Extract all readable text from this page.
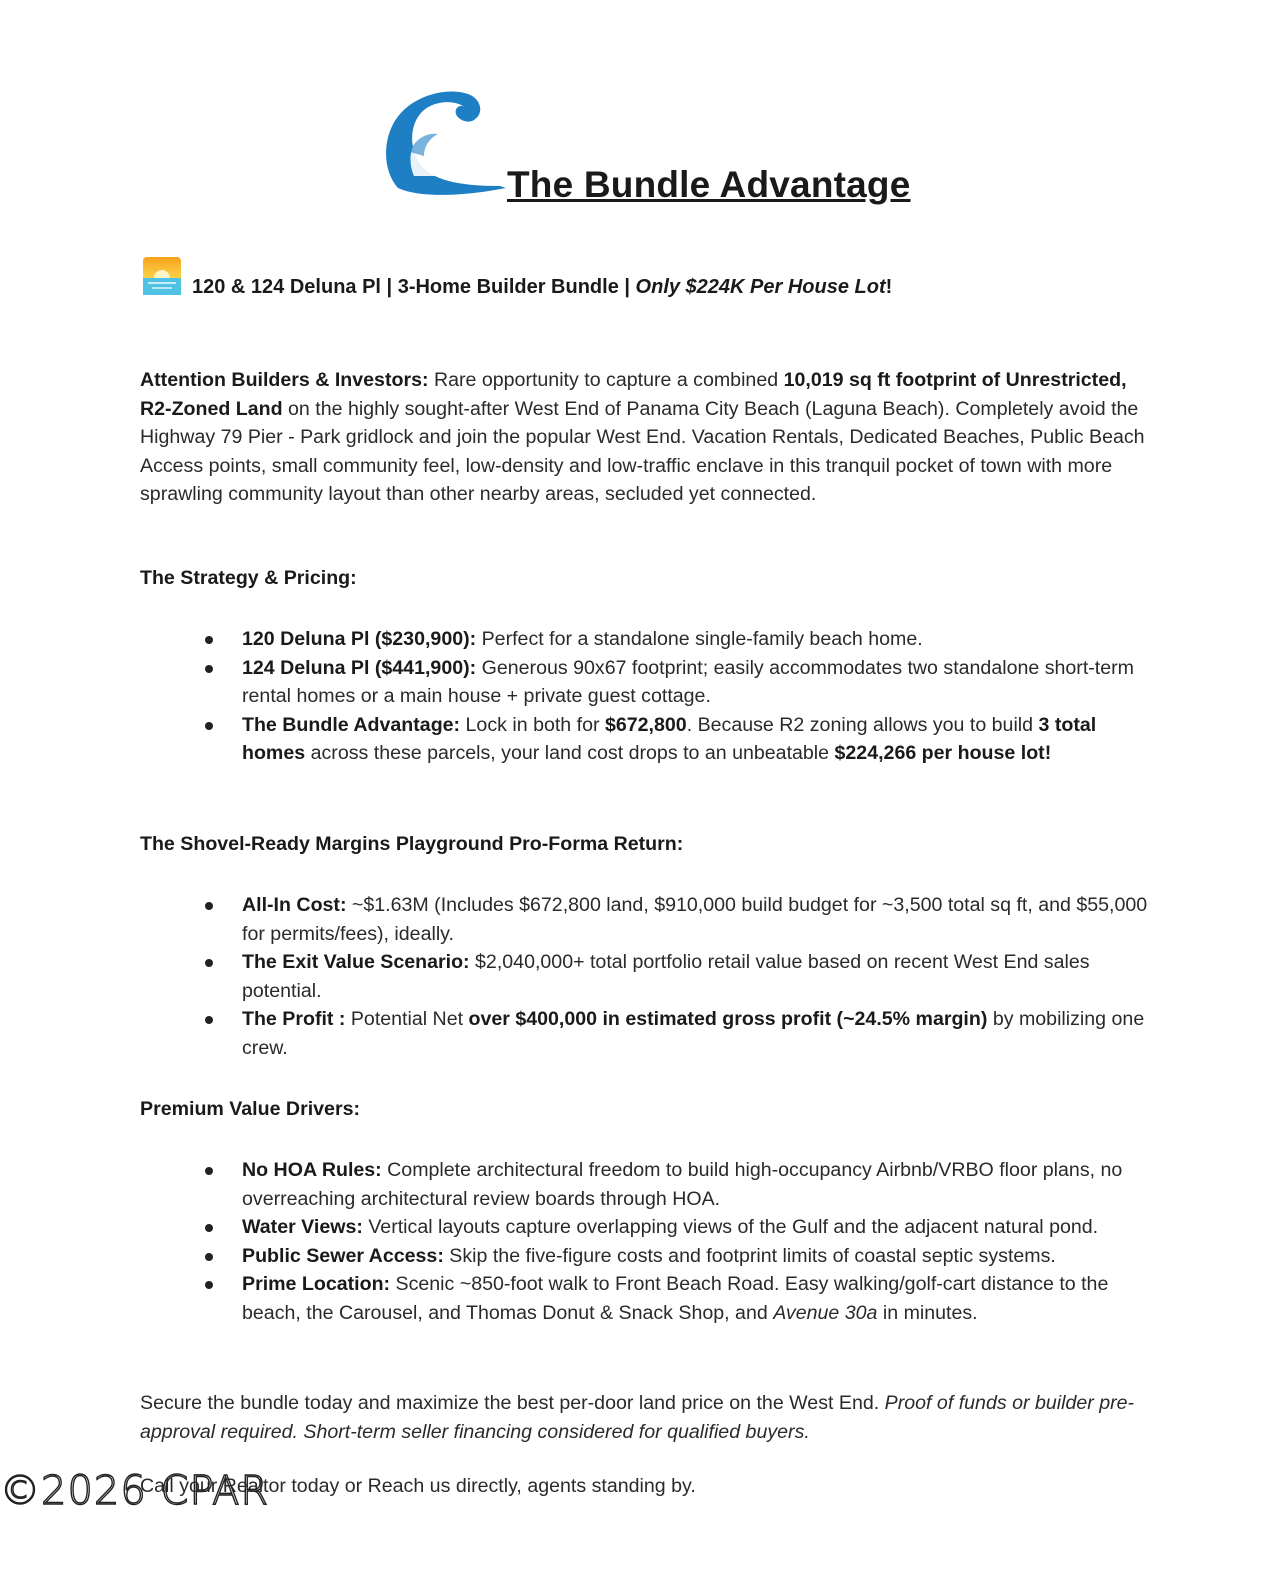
The Bundle Advantage
120 & 124 Deluna Pl | 3-Home Builder Bundle | Only $224K Per House Lot!

Attention Builders & Investors: Rare opportunity to capture a combined 10,019 sq ft footprint of Unrestricted, R2-Zoned Land on the highly sought-after West End of Panama City Beach (Laguna Beach). Completely avoid the Highway 79 Pier - Park gridlock and join the popular West End. Vacation Rentals, Dedicated Beaches, Public Beach Access points, small community feel, low-density and low-traffic enclave in this tranquil pocket of town with more sprawling community layout than other nearby areas, secluded yet connected.

The Strategy & Pricing:
120 Deluna Pl ($230,900): Perfect for a standalone single-family beach home.
124 Deluna Pl ($441,900): Generous 90x67 footprint; easily accommodates two standalone short-term rental homes or a main house + private guest cottage.
The Bundle Advantage: Lock in both for $672,800. Because R2 zoning allows you to build 3 total homes across these parcels, your land cost drops to an unbeatable $224,266 per house lot!
The Shovel-Ready Margins Playground Pro-Forma Return:
All-In Cost: ~$1.63M (Includes $672,800 land, $910,000 build budget for ~3,500 total sq ft, and $55,000 for permits/fees), ideally.
The Exit Value Scenario: $2,040,000+ total portfolio retail value based on recent West End sales potential.
The Profit : Potential Net over $400,000 in estimated gross profit (~24.5% margin) by mobilizing one crew.
Premium Value Drivers:
No HOA Rules: Complete architectural freedom to build high-occupancy Airbnb/VRBO floor plans, no overreaching architectural review boards through HOA.
Water Views: Vertical layouts capture overlapping views of the Gulf and the adjacent natural pond.
Public Sewer Access: Skip the five-figure costs and footprint limits of coastal septic systems.
Prime Location: Scenic ~850-foot walk to Front Beach Road. Easy walking/golf-cart distance to the beach, the Carousel, and Thomas Donut & Snack Shop, and Avenue 30a in minutes.

Secure the bundle today and maximize the best per-door land price on the West End. Proof of funds or builder pre-approval required. Short-term seller financing considered for qualified buyers.

Call your Realtor today or Reach us directly, agents standing by.

©2026 CPAR
